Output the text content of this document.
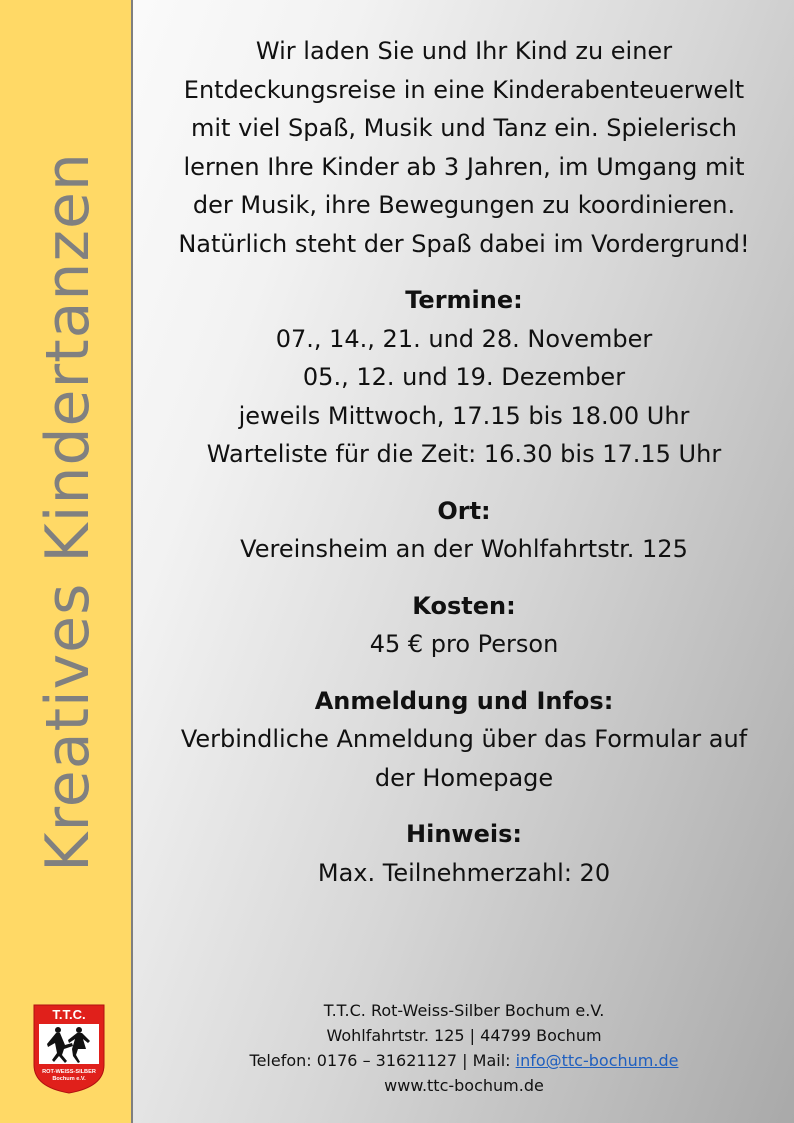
Kreatives Kindertanzen
T.T.C.
ROT-WEISS-SILBER
Bochum e.V.

Wir laden Sie und Ihr Kind zu einer

Entdeckungsreise in eine Kinderabenteuerwelt

mit viel Spaß, Musik und Tanz ein. Spielerisch

lernen Ihre Kinder ab 3 Jahren, im Umgang mit

der Musik, ihre Bewegungen zu koordinieren.

Natürlich steht der Spaß dabei im Vordergrund!

Termine:

07., 14., 21. und 28. November

05., 12. und 19. Dezember

jeweils Mittwoch, 17.15 bis 18.00 Uhr

Warteliste für die Zeit: 16.30 bis 17.15 Uhr

Ort:

Vereinsheim an der Wohlfahrtstr. 125

Kosten:

45 € pro Person

Anmeldung und Infos:

Verbindliche Anmeldung über das Formular auf

der Homepage

Hinweis:

Max. Teilnehmerzahl: 20

T.T.C. Rot-Weiss-Silber Bochum e.V.
Wohlfahrtstr. 125 | 44799 Bochum
Telefon: 0176 – 31621127 | Mail: info@ttc-bochum.de
www.ttc-bochum.de
